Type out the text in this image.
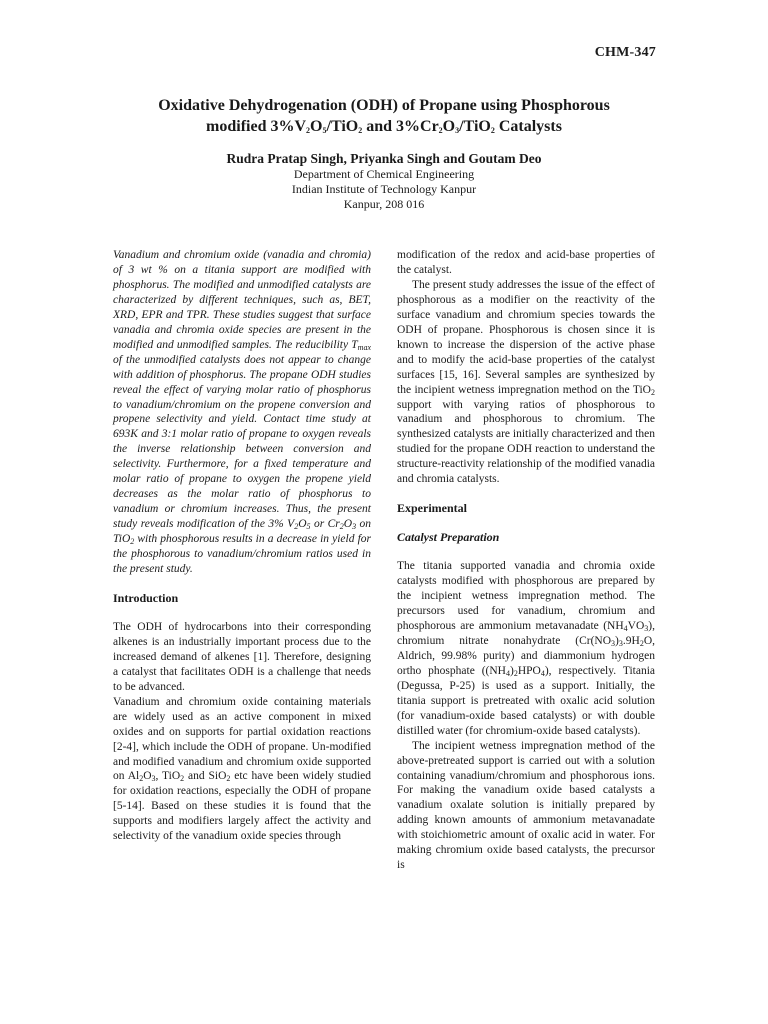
CHM-347
Oxidative Dehydrogenation (ODH) of Propane using Phosphorous
modified $3\%V_2O_5/TiO_2$ and $3\%Cr_2O_3/TiO_2$ Catalysts
Rudra Pratap Singh, Priyanka Singh and Goutam Deo
Department of Chemical Engineering
Indian Institute of Technology Kanpur
Kanpur, 208 016

Vanadium and chromium oxide (vanadia and chromia) of 3 wt % on a titania support are modified with phosphorus. The modified and unmodified catalysts are characterized by different techniques, such as, BET, XRD, EPR and TPR. These studies suggest that surface vanadia and chromia oxide species are present in the modified and unmodified samples. The reducibility $T_{max}$ of the unmodified catalysts does not appear to change with addition of phosphorus. The propane ODH studies reveal the effect of varying molar ratio of phosphorus to vanadium/chromium on the propene conversion and propene selectivity and yield. Contact time study at 693K and 3:1 molar ratio of propane to oxygen reveals the inverse relationship between conversion and selectivity. Furthermore, for a fixed temperature and molar ratio of propane to oxygen the propene yield decreases as the molar ratio of phosphorus to vanadium or chromium increases. Thus, the present study reveals modification of the 3% $V_2O_5$ or $Cr_2O_3$ on TiO$_2$ with phosphorous results in a decrease in yield for the phosphorous to vanadium/chromium ratios used in the present study.

Introduction

The ODH of hydrocarbons into their corresponding alkenes is an industrially important process due to the increased demand of alkenes [1]. Therefore, designing a catalyst that facilitates ODH is a challenge that needs to be advanced.

Vanadium and chromium oxide containing materials are widely used as an active component in mixed oxides and on supports for partial oxidation reactions [2-4], which include the ODH of propane. Un-modified and modified vanadium and chromium oxide supported on $Al_2O_3$, TiO$_2$ and SiO$_2$ etc have been widely studied for oxidation reactions, especially the ODH of propane [5-14]. Based on these studies it is found that the supports and modifiers largely affect the activity and selectivity of the vanadium oxide species through

modification of the redox and acid-base properties of the catalyst.

The present study addresses the issue of the effect of phosphorous as a modifier on the reactivity of the surface vanadium and chromium species towards the ODH of propane. Phosphorous is chosen since it is known to increase the dispersion of the active phase and to modify the acid-base properties of the catalyst surfaces [15, 16]. Several samples are synthesized by the incipient wetness impregnation method on the TiO$_2$ support with varying ratios of phosphorous to vanadium and phosphorous to chromium. The synthesized catalysts are initially characterized and then studied for the propane ODH reaction to understand the structure-reactivity relationship of the modified vanadia and chromia catalysts.

Experimental

Catalyst Preparation

The titania supported vanadia and chromia oxide catalysts modified with phosphorous are prepared by the incipient wetness impregnation method. The precursors used for vanadium, chromium and phosphorous are ammonium metavanadate $(NH_4VO_3)$, chromium nitrate nonahydrate ($Cr(NO_3)_3.9H_2O$, Aldrich, 99.98% purity) and diammonium hydrogen ortho phosphate $((NH_4)_2HPO_4)$, respectively. Titania (Degussa, P-25) is used as a support. Initially, the titania support is pretreated with oxalic acid solution (for vanadium-oxide based catalysts) or with double distilled water (for chromium-oxide based catalysts).

The incipient wetness impregnation method of the above-pretreated support is carried out with a solution containing vanadium/chromium and phosphorous ions. For making the vanadium oxide based catalysts a vanadium oxalate solution is initially prepared by adding known amounts of ammonium metavanadate with stoichiometric amount of oxalic acid in water. For making chromium oxide based catalysts, the precursor is
